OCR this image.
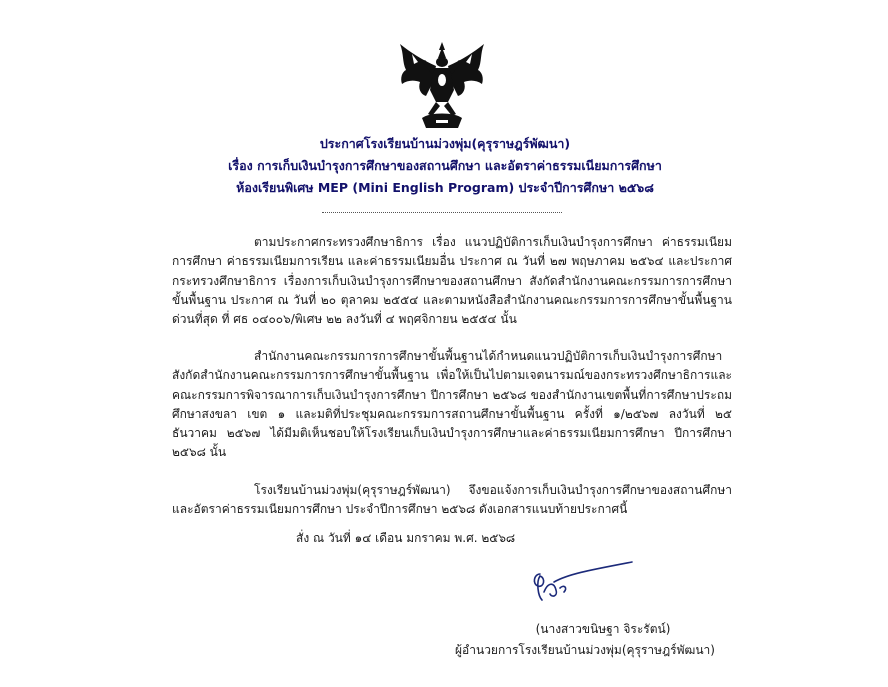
ประกาศโรงเรียนบ้านม่วงพุ่ม(คุรุราษฎร์พัฒนา)
เรื่อง การเก็บเงินบำรุงการศึกษาของสถานศึกษา และอัตราค่าธรรมเนียมการศึกษา
ห้องเรียนพิเศษ MEP (Mini English Program) ประจำปีการศึกษา ๒๕๖๘
ตามประกาศกระทรวงศึกษาธิการ เรื่อง แนวปฏิบัติการเก็บเงินบำรุงการศึกษา ค่าธรรมเนียมการศึกษา ค่าธรรมเนียมการเรียน และค่าธรรมเนียมอื่น ประกาศ ณ วันที่ ๒๗ พฤษภาคม ๒๕๖๔ และประกาศกระทรวงศึกษาธิการ เรื่องการเก็บเงินบำรุงการศึกษาของสถานศึกษา สังกัดสำนักงานคณะกรรมการการศึกษาขั้นพื้นฐาน ประกาศ ณ วันที่ ๒๐ ตุลาคม ๒๕๕๔ และตามหนังสือสำนักงานคณะกรรมการการศึกษาขั้นพื้นฐาน ด่วนที่สุด ที่ ศธ ๐๔๐๐๖/พิเศษ ๒๒ ลงวันที่ ๔ พฤศจิกายน ๒๕๕๔ นั้น
สำนักงานคณะกรรมการการศึกษาขั้นพื้นฐานได้กำหนดแนวปฏิบัติการเก็บเงินบำรุงการศึกษาสังกัดสำนักงานคณะกรรมการการศึกษาขั้นพื้นฐาน เพื่อให้เป็นไปตามเจตนารมณ์ของกระทรวงศึกษาธิการและคณะกรรมการพิจารณาการเก็บเงินบำรุงการศึกษา ปีการศึกษา ๒๕๖๘ ของสำนักงานเขตพื้นที่การศึกษาประถมศึกษาสงขลา เขต ๑ และมติที่ประชุมคณะกรรมการสถานศึกษาขั้นพื้นฐาน ครั้งที่ ๑/๒๕๖๗ ลงวันที่ ๒๕ ธันวาคม ๒๕๖๗ ได้มีมติเห็นชอบให้โรงเรียนเก็บเงินบำรุงการศึกษาและค่าธรรมเนียมการศึกษา ปีการศึกษา ๒๕๖๘ นั้น
โรงเรียนบ้านม่วงพุ่ม(คุรุราษฎร์พัฒนา) จึงขอแจ้งการเก็บเงินบำรุงการศึกษาของสถานศึกษา และอัตราค่าธรรมเนียมการศึกษา ประจำปีการศึกษา ๒๕๖๘ ดังเอกสารแนบท้ายประกาศนี้
สั่ง ณ วันที่ ๑๔ เดือน มกราคม พ.ศ. ๒๕๖๘
(นางสาวขนิษฐา จิระรัตน์)
ผู้อำนวยการโรงเรียนบ้านม่วงพุ่ม(คุรุราษฎร์พัฒนา)
